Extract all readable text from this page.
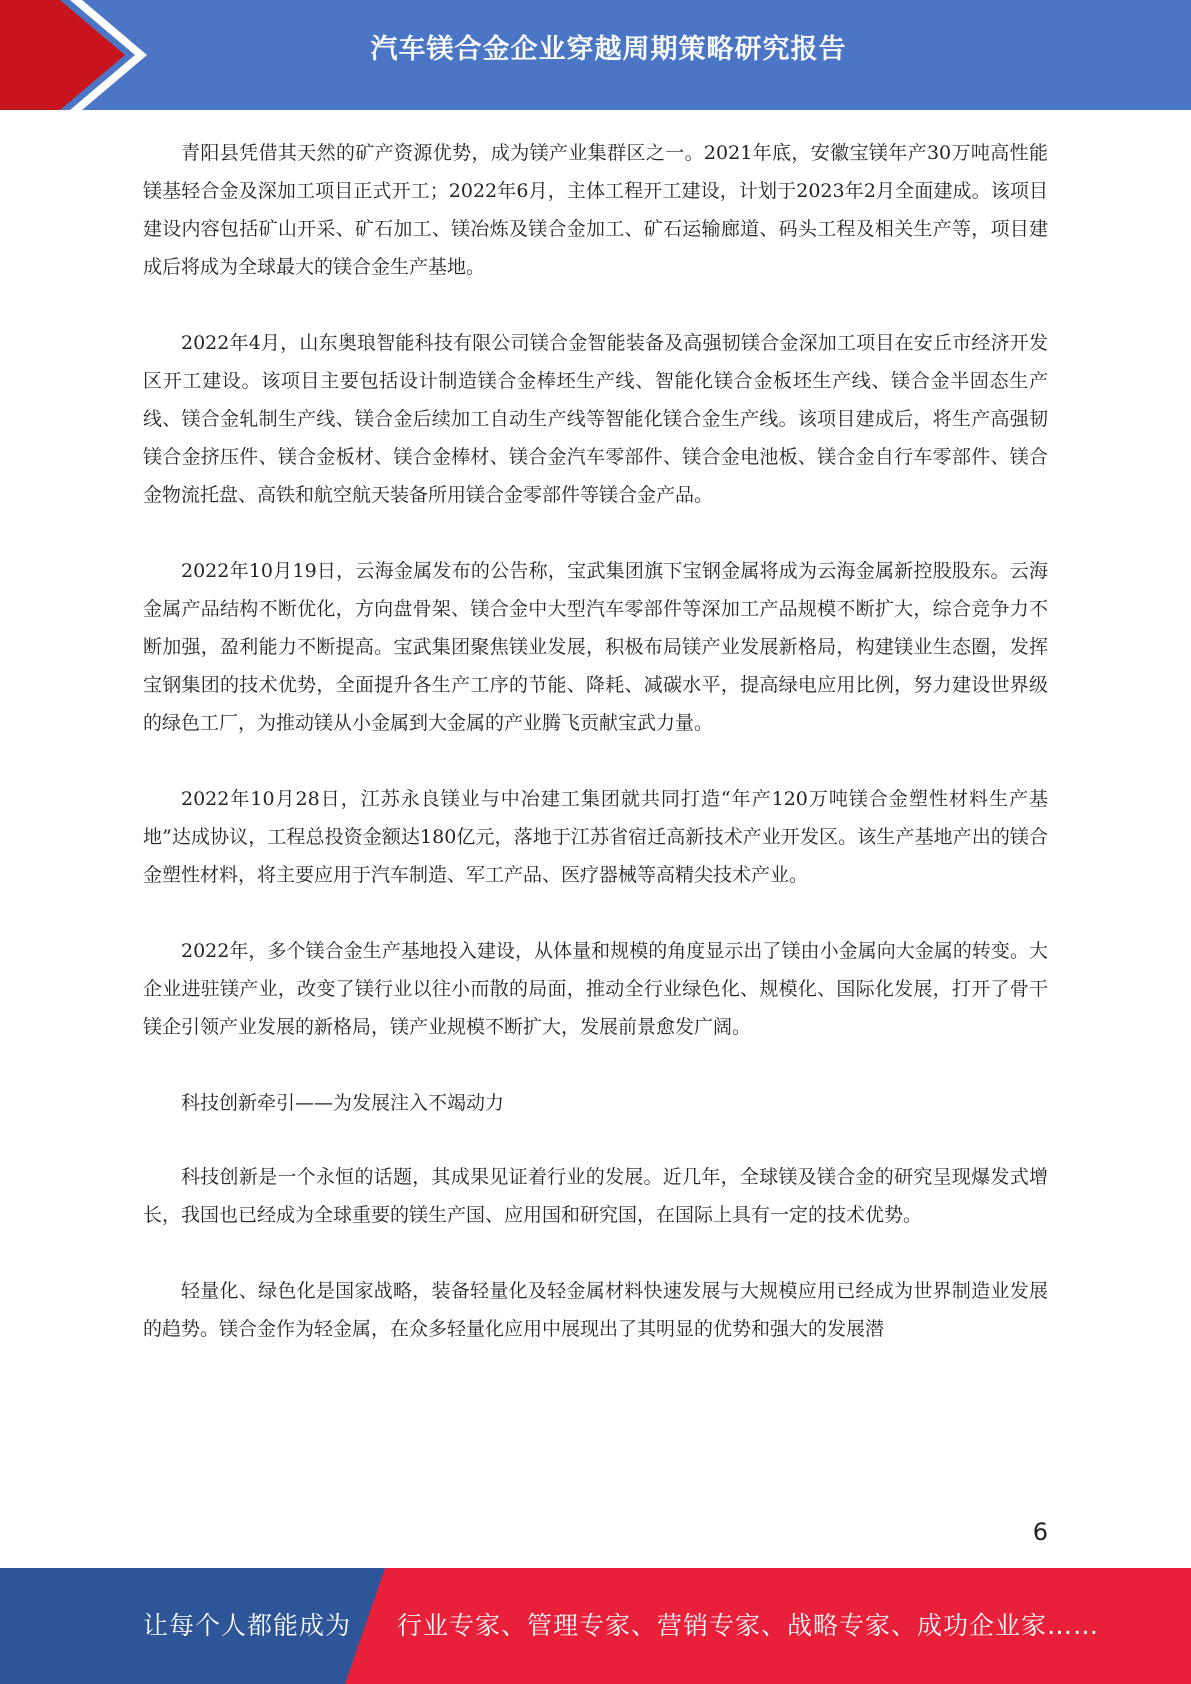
汽车镁合金企业穿越周期策略研究报告

青阳县凭借其天然的矿产资源优势，成为镁产业集群区之一。2021年底，安徽宝镁年产30万吨高性能镁基轻合金及深加工项目正式开工；2022年6月，主体工程开工建设，计划于2023年2月全面建成。该项目建设内容包括矿山开采、矿石加工、镁冶炼及镁合金加工、矿石运输廊道、码头工程及相关生产等，项目建成后将成为全球最大的镁合金生产基地。

2022年4月，山东奥琅智能科技有限公司镁合金智能装备及高强韧镁合金深加工项目在安丘市经济开发区开工建设。该项目主要包括设计制造镁合金棒坯生产线、智能化镁合金板坯生产线、镁合金半固态生产线、镁合金轧制生产线、镁合金后续加工自动生产线等智能化镁合金生产线。该项目建成后，将生产高强韧镁合金挤压件、镁合金板材、镁合金棒材、镁合金汽车零部件、镁合金电池板、镁合金自行车零部件、镁合金物流托盘、高铁和航空航天装备所用镁合金零部件等镁合金产品。

2022年10月19日，云海金属发布的公告称，宝武集团旗下宝钢金属将成为云海金属新控股股东。云海金属产品结构不断优化，方向盘骨架、镁合金中大型汽车零部件等深加工产品规模不断扩大，综合竞争力不断加强，盈利能力不断提高。宝武集团聚焦镁业发展，积极布局镁产业发展新格局，构建镁业生态圈，发挥宝钢集团的技术优势，全面提升各生产工序的节能、降耗、减碳水平，提高绿电应用比例，努力建设世界级的绿色工厂，为推动镁从小金属到大金属的产业腾飞贡献宝武力量。

2022年10月28日，江苏永良镁业与中冶建工集团就共同打造“年产120万吨镁合金塑性材料生产基地”达成协议，工程总投资金额达180亿元，落地于江苏省宿迁高新技术产业开发区。该生产基地产出的镁合金塑性材料，将主要应用于汽车制造、军工产品、医疗器械等高精尖技术产业。

2022年，多个镁合金生产基地投入建设，从体量和规模的角度显示出了镁由小金属向大金属的转变。大企业进驻镁产业，改变了镁行业以往小而散的局面，推动全行业绿色化、规模化、国际化发展，打开了骨干镁企引领产业发展的新格局，镁产业规模不断扩大，发展前景愈发广阔。

科技创新牵引——为发展注入不竭动力

科技创新是一个永恒的话题，其成果见证着行业的发展。近几年，全球镁及镁合金的研究呈现爆发式增长，我国也已经成为全球重要的镁生产国、应用国和研究国，在国际上具有一定的技术优势。

轻量化、绿色化是国家战略，装备轻量化及轻金属材料快速发展与大规模应用已经成为世界制造业发展的趋势。镁合金作为轻金属，在众多轻量化应用中展现出了其明显的优势和强大的发展潜

6
让每个人都能成为 行业专家、管理专家、营销专家、战略专家、成功企业家……
